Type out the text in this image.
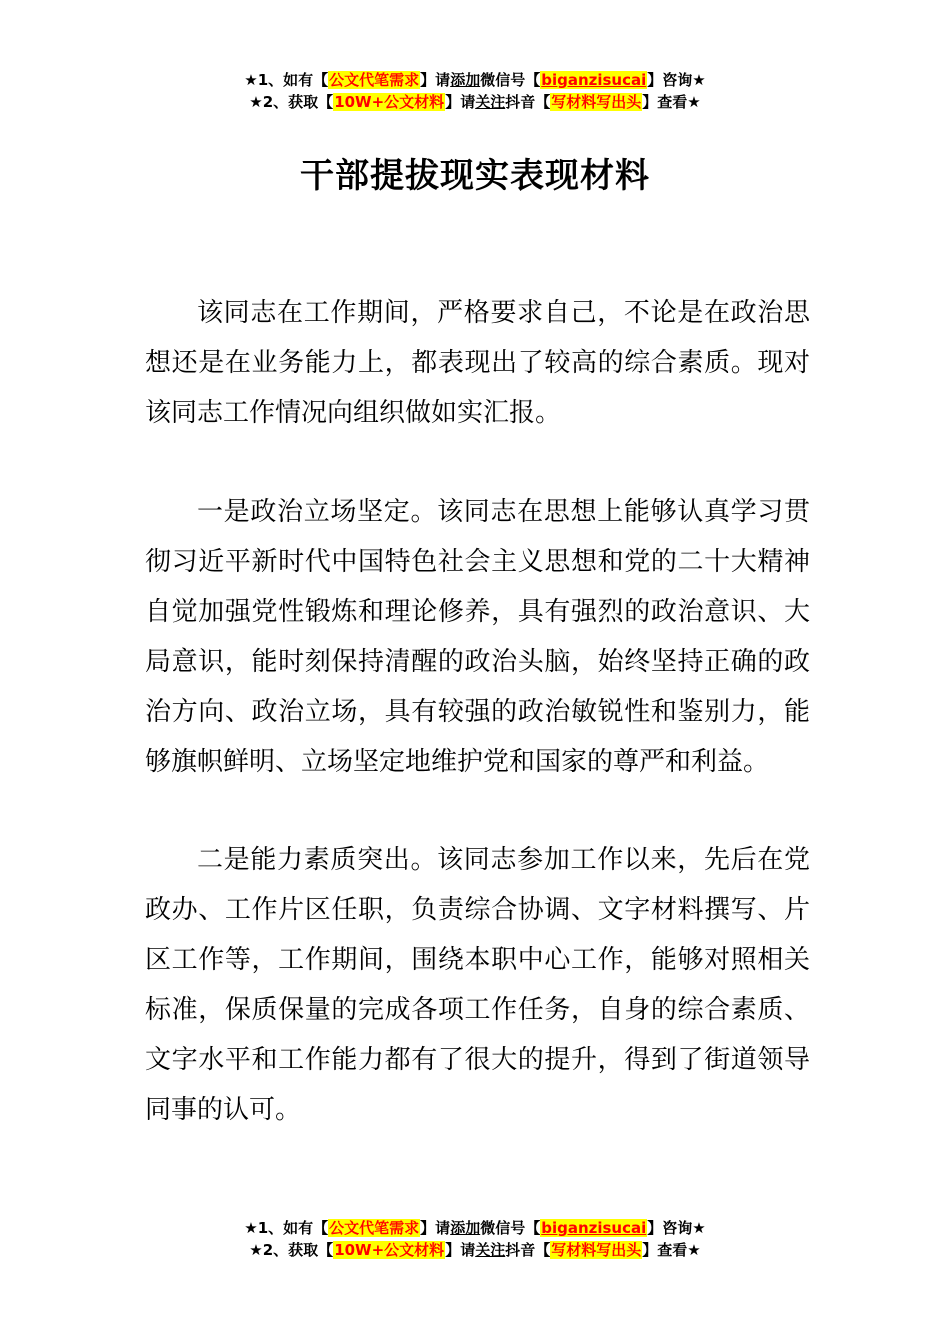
★1、如有【公文代笔需求】请添加微信号【biganzisucai】咨询★
★2、获取【10W+公文材料】请关注抖音【写材料写出头】查看★
干部提拔现实表现材料

该同志在工作期间，严格要求自己，不论是在政治思想还是在业务能力上，都表现出了较高的综合素质。现对该同志工作情况向组织做如实汇报。

一是政治立场坚定。该同志在思想上能够认真学习贯彻习近平新时代中国特色社会主义思想和党的二十大精神自觉加强党性锻炼和理论修养，具有强烈的政治意识、大局意识，能时刻保持清醒的政治头脑，始终坚持正确的政治方向、政治立场，具有较强的政治敏锐性和鉴别力，能够旗帜鲜明、立场坚定地维护党和国家的尊严和利益。

二是能力素质突出。该同志参加工作以来，先后在党政办、工作片区任职，负责综合协调、文字材料撰写、片区工作等，工作期间，围绕本职中心工作，能够对照相关标准，保质保量的完成各项工作任务，自身的综合素质、文字水平和工作能力都有了很大的提升，得到了街道领导同事的认可。

★1、如有【公文代笔需求】请添加微信号【biganzisucai】咨询★
★2、获取【10W+公文材料】请关注抖音【写材料写出头】查看★
